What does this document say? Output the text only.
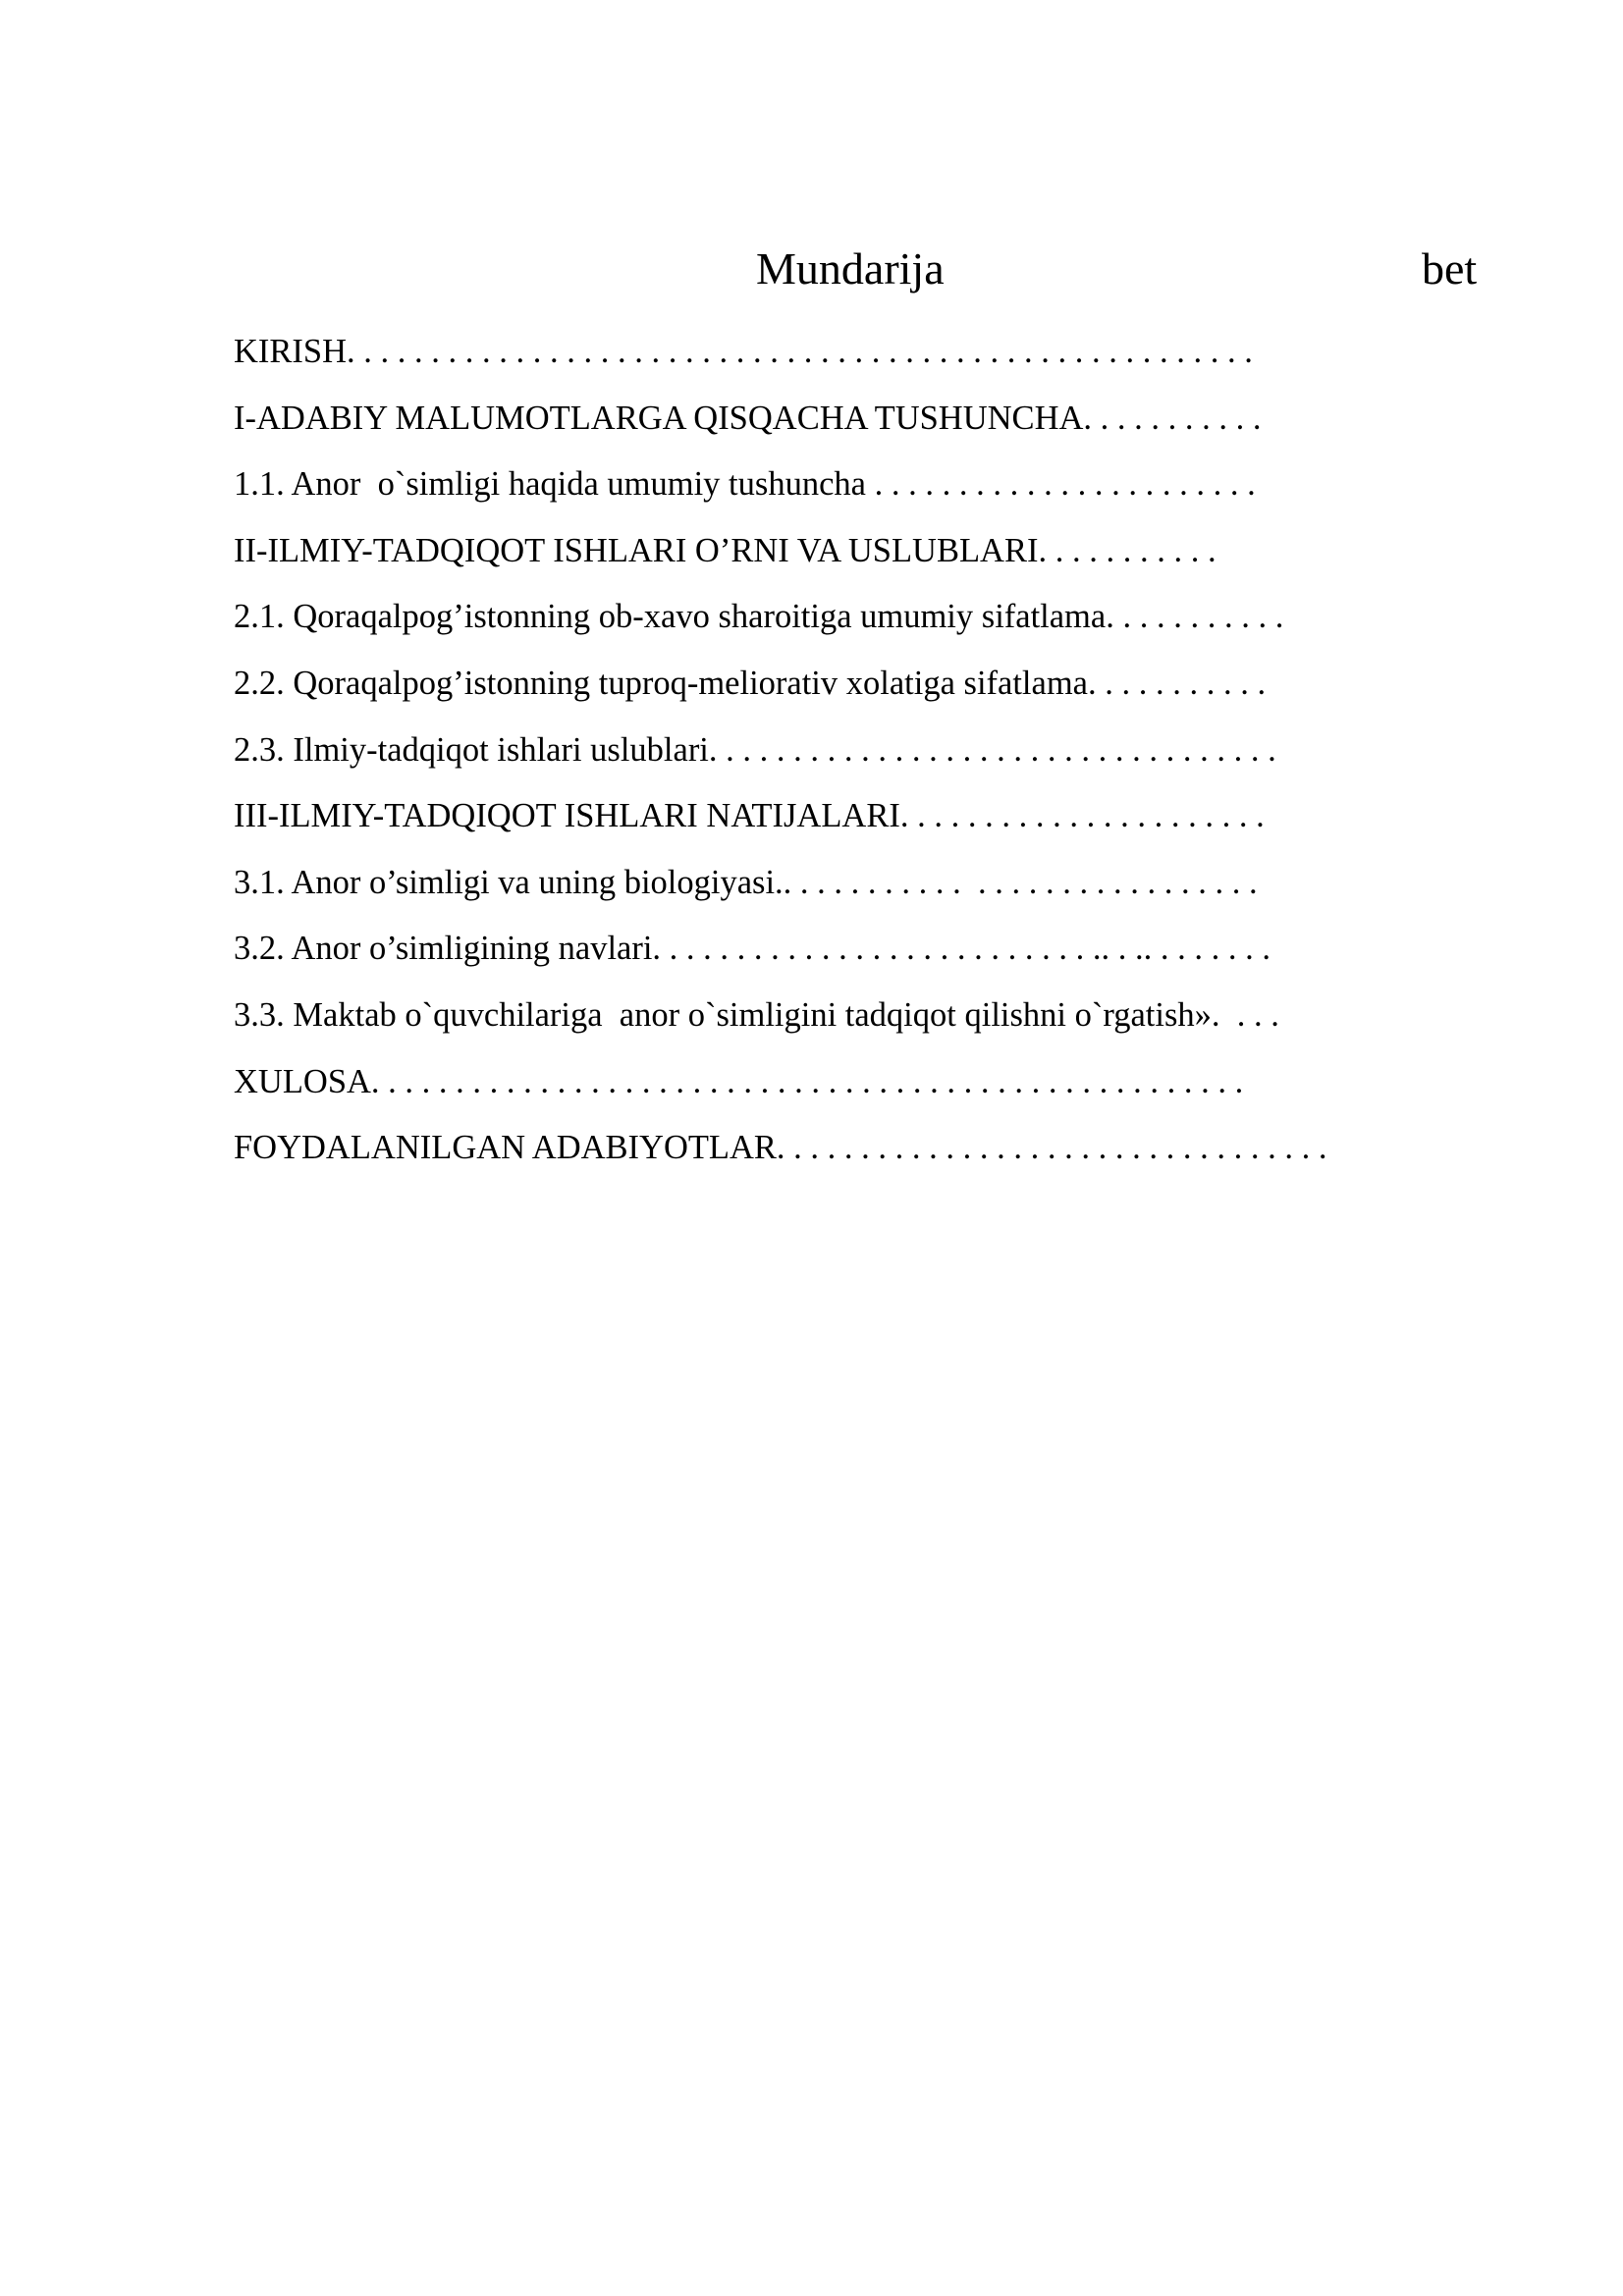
Mundarija	bet
KIRISH. . . . . . . . . . . . . . . . . . . . . . . . . . . . . . . . . . . . . . . . . . . . . . . . . . . . . .
I-ADABIY MALUMOTLARGA QISQACHA TUSHUNCHA. . . . . . . . . . .
1.1. Anor  o`simligi haqida umumiy tushuncha . . . . . . . . . . . . . . . . . . . . . . .
II-ILMIY-TADQIQOT ISHLARI O’RNI VA USLUBLARI. . . . . . . . . . .
2.1. Qoraqalpog’istonning ob-xavo sharoitiga umumiy sifatlama. . . . . . . . . . .
2.2. Qoraqalpog’istonning tuproq-meliorativ xolatiga sifatlama. . . . . . . . . . .
2.3. Ilmiy-tadqiqot ishlari uslublari. . . . . . . . . . . . . . . . . . . . . . . . . . . . . . . . . .
III-ILMIY-TADQIQOT ISHLARI NATIJALARI. . . . . . . . . . . . . . . . . . . . . .
3.1. Anor o’simligi va uning biologiyasi.. . . . . . . . . . .  . . . . . . . . . . . . . . . . .
3.2. Anor o’simligining navlari. . . . . . . . . . . . . . . . . . . . . . . . . . .. . .. . . . . . . .
3.3. Maktab o`quvchilariga  anor o`simligini tadqiqot qilishni o`rgatish».  . . .
XULOSA. . . . . . . . . . . . . . . . . . . . . . . . . . . . . . . . . . . . . . . . . . . . . . . . . . . .
FOYDALANILGAN ADABIYOTLAR. . . . . . . . . . . . . . . . . . . . . . . . . . . . . . . . .
